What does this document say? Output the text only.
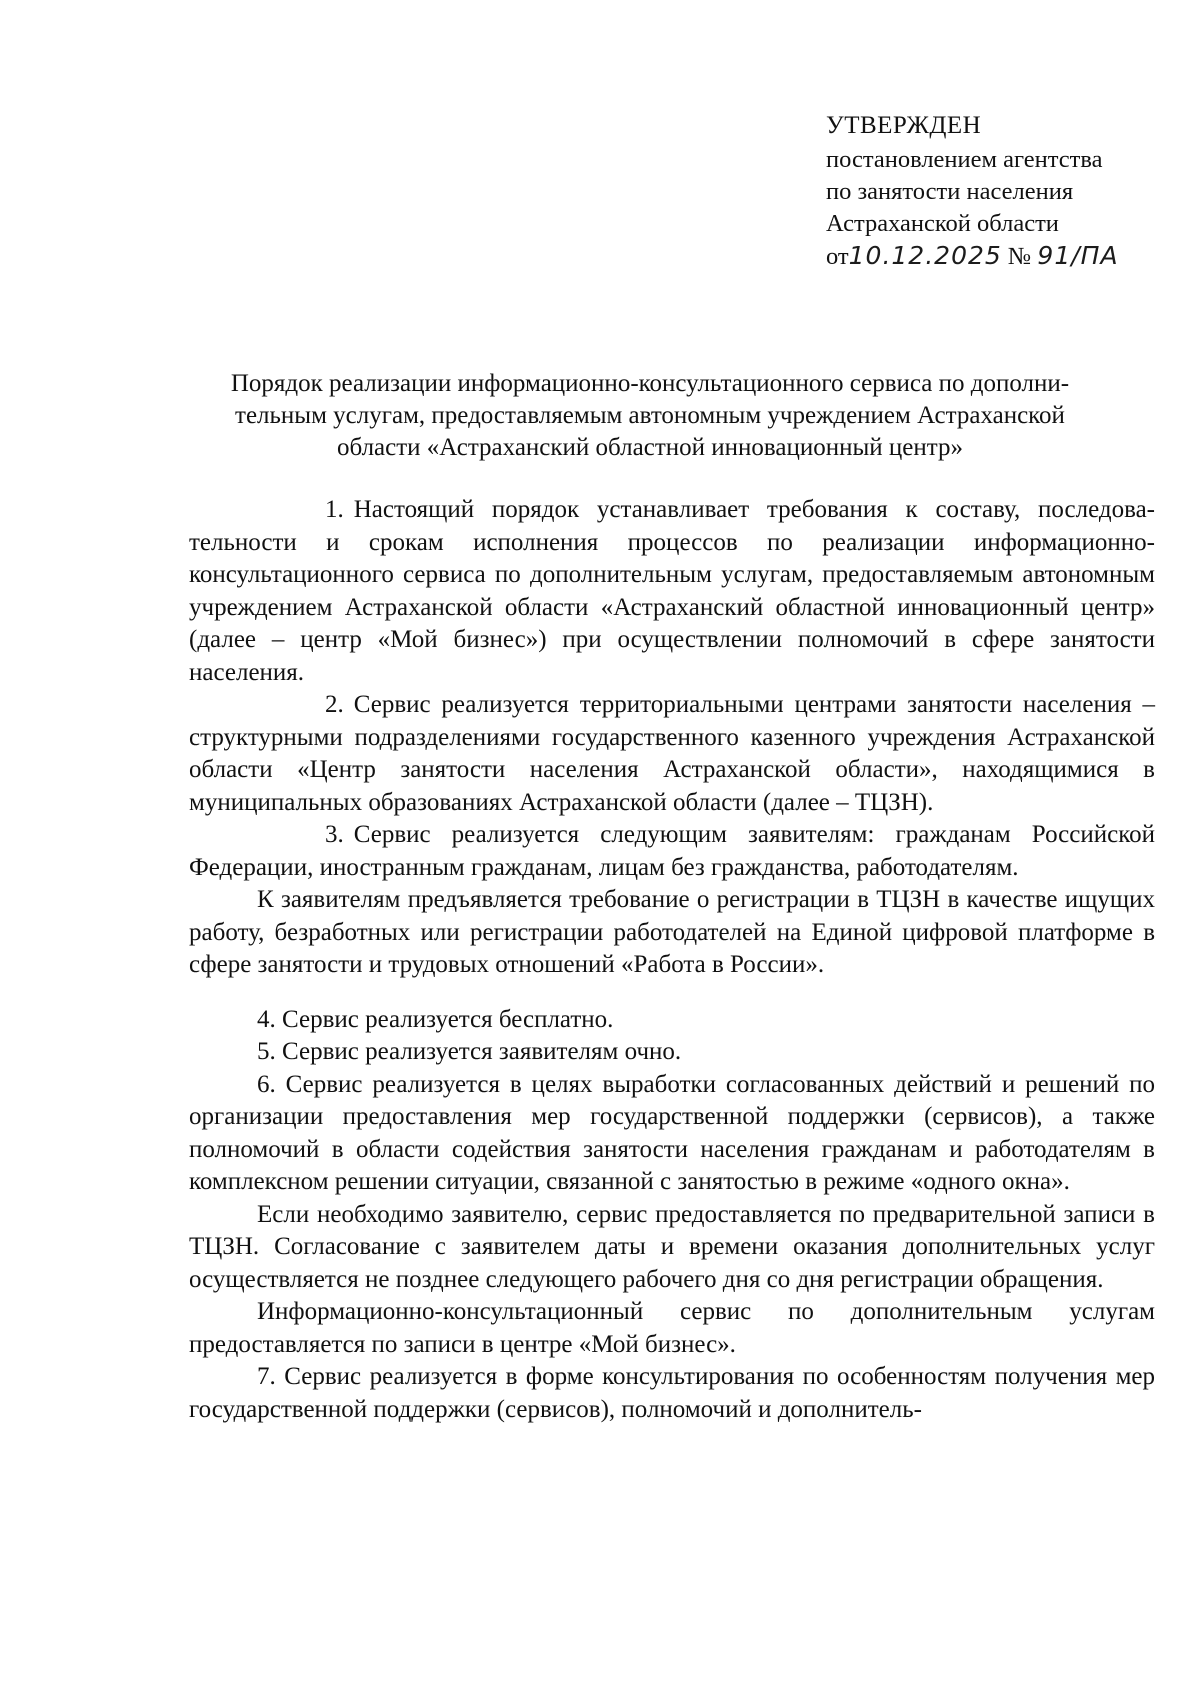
УТВЕРЖДЕН
постановлением агентства
по занятости населения
Астраханской области
от10.12.2025 № 91/ПА
Порядок реализации информационно-консультационного сервиса по дополни-
тельным услугам, предоставляемым автономным учреждением Астраханской
области «Астраханский областной инновационный центр»

1. Настоящий порядок устанавливает требования к составу, последовательности и срокам исполнения процессов по реализации информационно-консультационного сервиса по дополнительным услугам, предоставляемым автономным учреждением Астраханской области «Астраханский областной инновационный центр» (далее – центр «Мой бизнес») при осуществлении полномочий в сфере занятости населения.

2. Сервис реализуется территориальными центрами занятости населения – структурными подразделениями государственного казенного учреждения Астраханской области «Центр занятости населения Астраханской области», находящимися в муниципальных образованиях Астраханской области (далее – ТЦЗН).

3. Сервис реализуется следующим заявителям: гражданам Российской Федерации, иностранным гражданам, лицам без гражданства, работодателям.

К заявителям предъявляется требование о регистрации в ТЦЗН в качестве ищущих работу, безработных или регистрации работодателей на Единой цифровой платформе в сфере занятости и трудовых отношений «Работа в России».

4. Сервис реализуется бесплатно.

5. Сервис реализуется заявителям очно.

6. Сервис реализуется в целях выработки согласованных действий и решений по организации предоставления мер государственной поддержки (сервисов), а также полномочий в области содействия занятости населения гражданам и работодателям в комплексном решении ситуации, связанной с занятостью в режиме «одного окна».

Если необходимо заявителю, сервис предоставляется по предварительной записи в ТЦЗН. Согласование с заявителем даты и времени оказания дополнительных услуг осуществляется не позднее следующего рабочего дня со дня регистрации обращения.

Информационно-консультационный сервис по дополнительным услугам предоставляется по записи в центре «Мой бизнес».

7. Сервис реализуется в форме консультирования по особенностям получения мер государственной поддержки (сервисов), полномочий и дополнитель-
